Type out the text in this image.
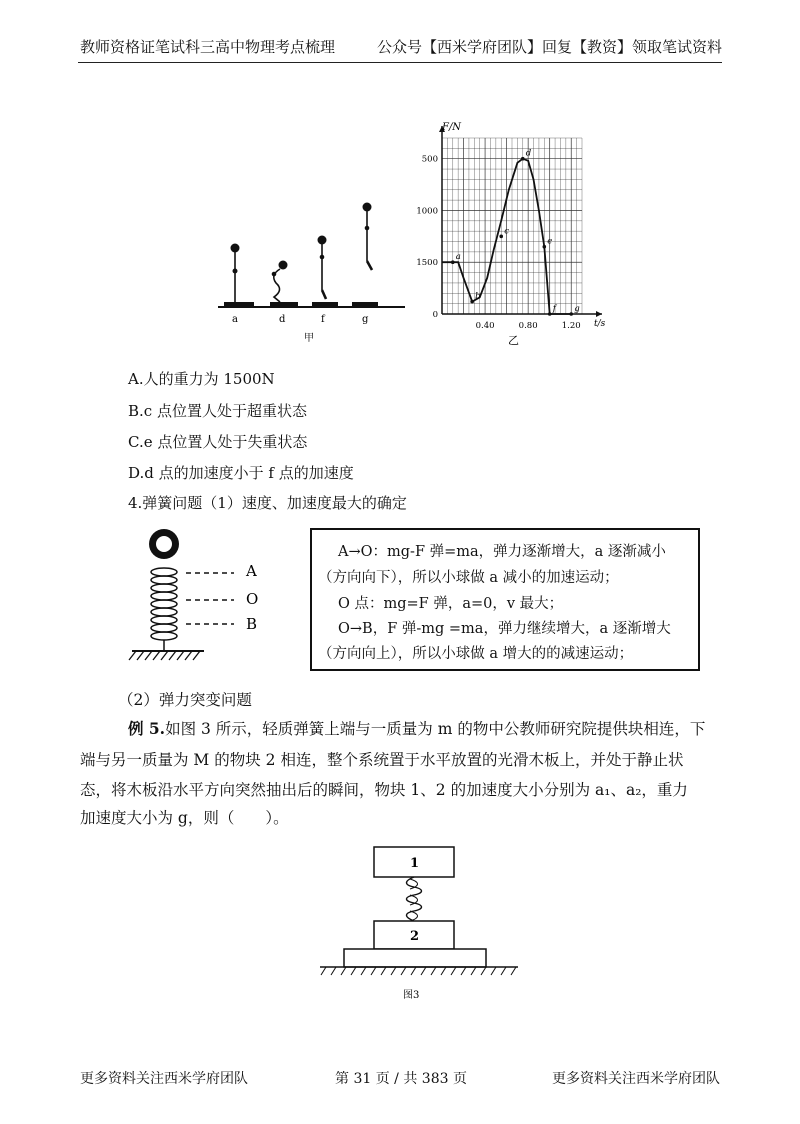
教师资格证笔试科三高中物理考点梳理	公众号【西米学府团队】回复【教资】领取笔试资料
a	d	f	g
甲
1500
1000
500
0
0.40	0.80	1.20
a
b
c
d
e
f g
F/N
t/s
乙
A.人的重力为 1500N
B.c 点位置人处于超重状态
C.e 点位置人处于失重状态
D.d 点的加速度小于 f 点的加速度
4.弹簧问题（1）速度、加速度最大的确定
A
O
B
A→O：mg-F 弹=ma，弹力逐渐增大，a 逐渐减小
（方向向下），所以小球做 a 减小的加速运动；
O 点：mg=F 弹，a=0，v 最大；
O→B，F 弹-mg =ma，弹力继续增大，a 逐渐增大
（方向向上），所以小球做 a 增大的的减速运动；
（2）弹力突变问题
例 5.如图 3 所示，轻质弹簧上端与一质量为 m 的物中公教师研究院提供块相连，下
端与另一质量为 M 的物块 2 相连，整个系统置于水平放置的光滑木板上，并处于静止状
态，将木板沿水平方向突然抽出后的瞬间，物块 1、2 的加速度大小分别为 a₁、a₂，重力
加速度大小为 g，则（　　）。
1
2
图3
更多资料关注西米学府团队	第 31 页 / 共 383 页	更多资料关注西米学府团队
